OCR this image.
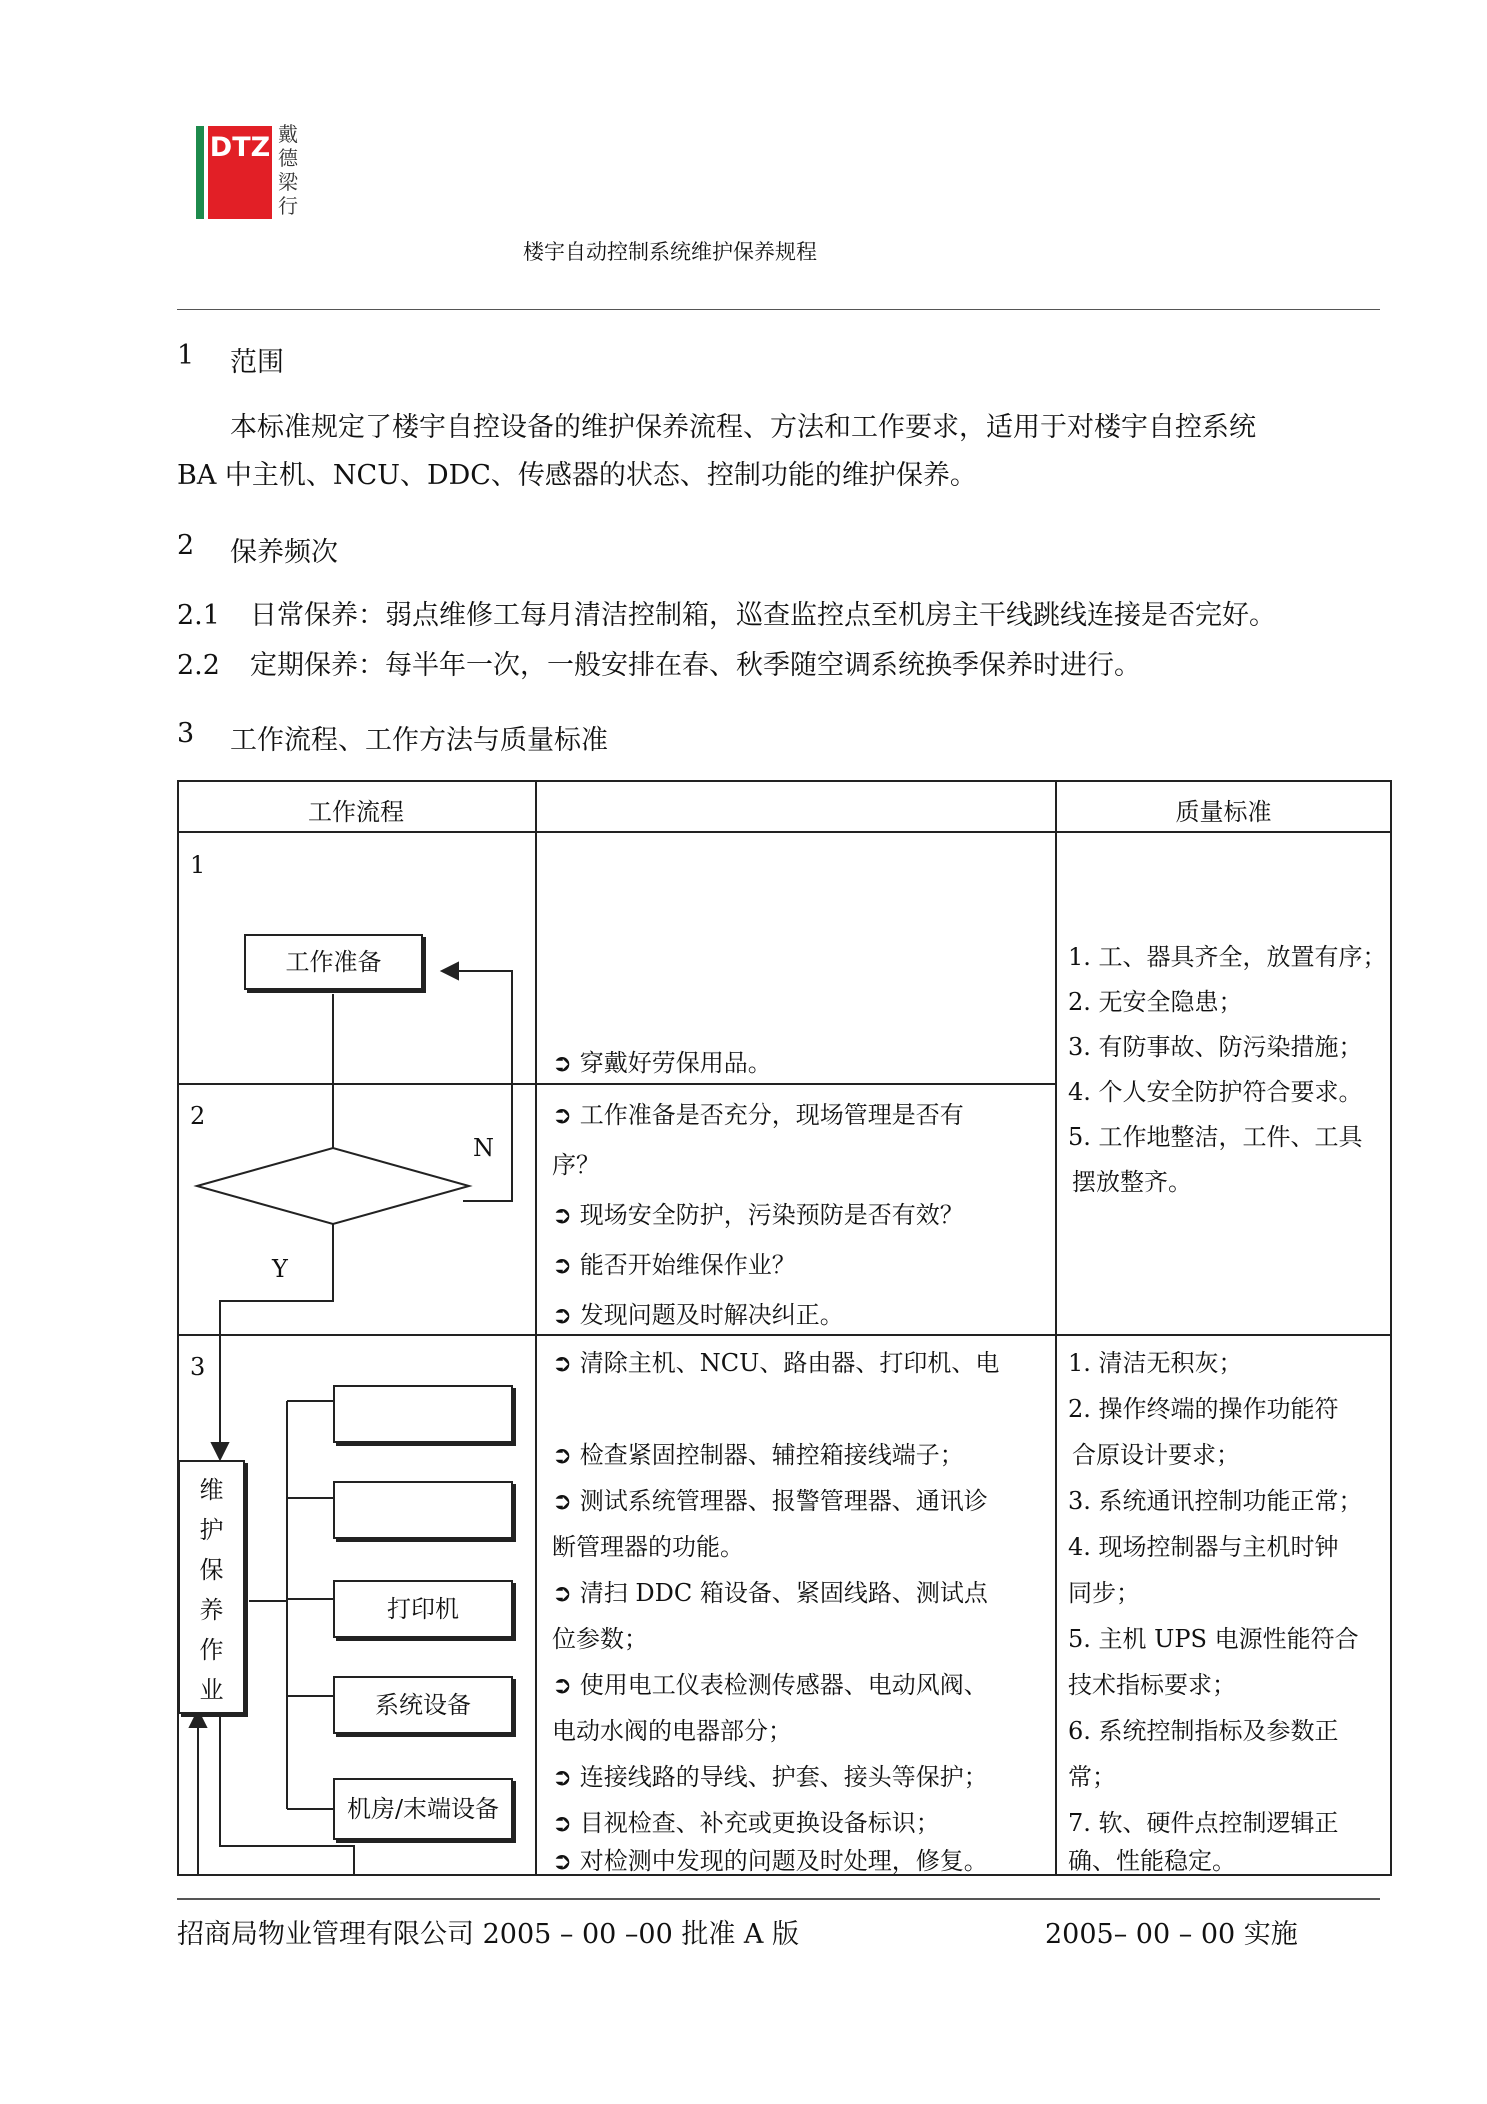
DTZ 戴德梁行
楼宇自动控制系统维护保养规程
1 范围
本标准规定了楼宇自控设备的维护保养流程、方法和工作要求，适用于对楼宇自控系统
BA 中主机、NCU、DDC、传感器的状态、控制功能的维护保养。
2 保养频次
2.1 日常保养：弱点维修工每月清洁控制箱，巡查监控点至机房主干线跳线连接是否完好。
2.2 定期保养：每半年一次，一般安排在春、秋季随空调系统换季保养时进行。
3 工作流程、工作方法与质量标准
工作流程	质量标准
1
2
3
工作准备
N
Y
维
护
保
养
作
业
打印机
系统设备
机房/末端设备
➲ 穿戴好劳保用品。
➲ 工作准备是否充分，现场管理是否有
序？
➲ 现场安全防护，污染预防是否有效？
➲ 能否开始维保作业？
➲ 发现问题及时解决纠正。
➲ 清除主机、NCU、路由器、打印机、电
➲ 检查紧固控制器、辅控箱接线端子；
➲ 测试系统管理器、报警管理器、通讯诊
断管理器的功能。
➲ 清扫 DDC 箱设备、紧固线路、测试点
位参数；
➲ 使用电工仪表检测传感器、电动风阀、
电动水阀的电器部分；
➲ 连接线路的导线、护套、接头等保护；
➲ 目视检查、补充或更换设备标识；
➲ 对检测中发现的问题及时处理，修复。
1. 工、器具齐全，放置有序；
2. 无安全隐患；
3. 有防事故、防污染措施；
4. 个人安全防护符合要求。
5. 工作地整洁，工件、工具
摆放整齐。
1. 清洁无积灰；
2. 操作终端的操作功能符
合原设计要求；
3. 系统通讯控制功能正常；
4. 现场控制器与主机时钟
同步；
5. 主机 UPS 电源性能符合
技术指标要求；
6. 系统控制指标及参数正
常；
7. 软、硬件点控制逻辑正
确、性能稳定。
招商局物业管理有限公司 2005 – 00 –00 批准 A 版	2005– 00 – 00 实施
